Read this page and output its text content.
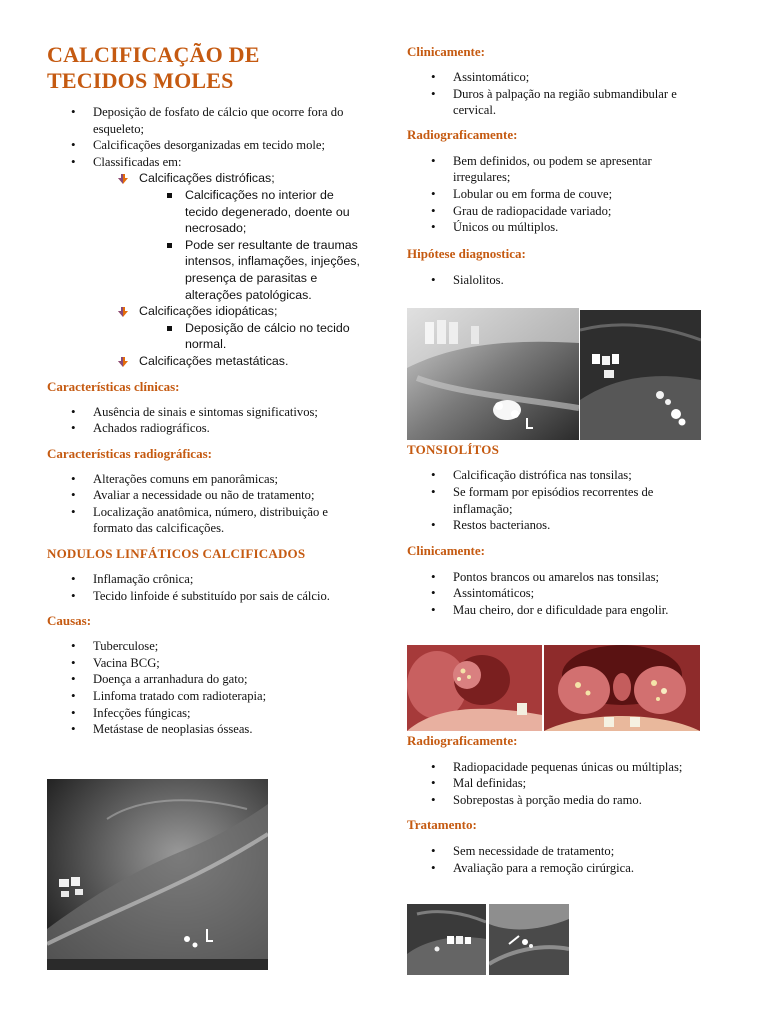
CALCIFICAÇÃO DE
TECIDOS MOLES
• Deposição de fosfato de cálcio que ocorre fora do esqueleto;
• Calcificações desorganizadas em tecido mole;
• Classificadas em:
Calcificações distróficas;
Calcificações no interior de tecido degenerado, doente ou necrosado;
Pode ser resultante de traumas intensos, inflamações, injeções, presença de parasitas e alterações patológicas.
Calcificações idiopáticas;
Deposição de cálcio no tecido normal.
Calcificações metastáticas.
Características clínicas:
• Ausência de sinais e sintomas significativos;
• Achados radiográficos.
Características radiográficas:
• Alterações comuns em panorâmicas;
• Avaliar a necessidade ou não de tratamento;
• Localização anatômica, número, distribuição e formato das calcificações.
NODULOS LINFÁTICOS CALCIFICADOS
• Inflamação crônica;
• Tecido linfoide é substituído por sais de cálcio.
Causas:
• Tuberculose;
• Vacina BCG;
• Doença a arranhadura do gato;
• Linfoma tratado com radioterapia;
• Infecções fúngicas;
• Metástase de neoplasias ósseas.
Clinicamente:
• Assintomático;
• Duros à palpação na região submandibular e cervical.
Radiograficamente:
• Bem definidos, ou podem se apresentar irregulares;
• Lobular ou em forma de couve;
• Grau de radiopacidade variado;
• Únicos ou múltiplos.
Hipótese diagnostica:
• Sialolitos.
TONSIOLÍTOS
• Calcificação distrófica nas tonsilas;
• Se formam por episódios recorrentes de inflamação;
• Restos bacterianos.
Clinicamente:
• Pontos brancos ou amarelos nas tonsilas;
• Assintomáticos;
• Mau cheiro, dor e dificuldade para engolir.
Radiograficamente:
• Radiopacidade pequenas únicas ou múltiplas;
• Mal definidas;
• Sobrepostas à porção media do ramo.
Tratamento:
• Sem necessidade de tratamento;
• Avaliação para a remoção cirúrgica.
